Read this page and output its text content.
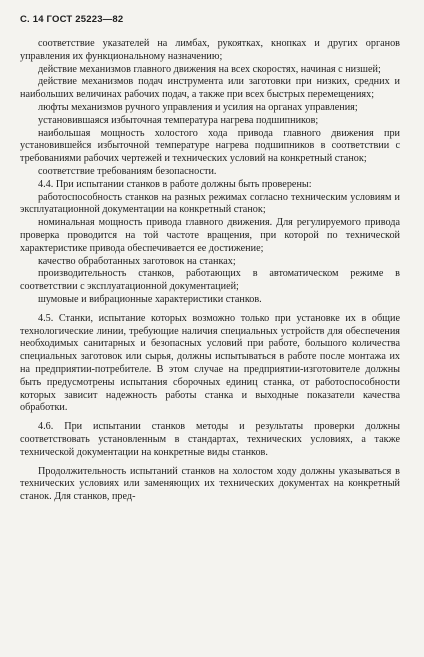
С. 14 ГОСТ 25223—82

соответствие указателей на лимбах, рукоятках, кнопках и других органов управления их функциональному назначению;

действие механизмов главного движения на всех скоростях, начиная с низшей;

действие механизмов подач инструмента или заготовки при низких, средних и наибольших величинах рабочих подач, а также при всех быстрых перемещениях;

люфты механизмов ручного управления и усилия на органах управления;

установившаяся избыточная температура нагрева подшипников;

наибольшая мощность холостого хода привода главного движения при установившейся избыточной температуре нагрева подшипников в соответствии с требованиями рабочих чертежей и технических условий на конкретный станок;

соответствие требованиям безопасности.

4.4. При испытании станков в работе должны быть проверены:

работоспособность станков на разных режимах согласно техническим условиям и эксплуатационной документации на конкретный станок;

номинальная мощность привода главного движения. Для регулируемого привода проверка проводится на той частоте вращения, при которой по технической характеристике привода обеспечивается ее достижение;

качество обработанных заготовок на станках;

производительность станков, работающих в автоматическом режиме в соответствии с эксплуатационной документацией;

шумовые и вибрационные характеристики станков.

4.5. Станки, испытание которых возможно только при установке их в общие технологические линии, требующие наличия специальных устройств для обеспечения необходимых санитарных и безопасных условий при работе, большого количества специальных заготовок или сырья, должны испытываться в работе после монтажа их на предприятии-потребителе. В этом случае на предприятии-изготовителе должны быть предусмотрены испытания сборочных единиц станка, от работоспособности которых зависит надежность работы станка и выходные показатели качества обработки.

4.6. При испытании станков методы и результаты проверки должны соответствовать установленным в стандартах, технических условиях, а также технической документации на конкретные виды станков.

Продолжительность испытаний станков на холостом ходу должны указываться в технических условиях или заменяющих их технических документах на конкретный станок. Для станков, пред-
